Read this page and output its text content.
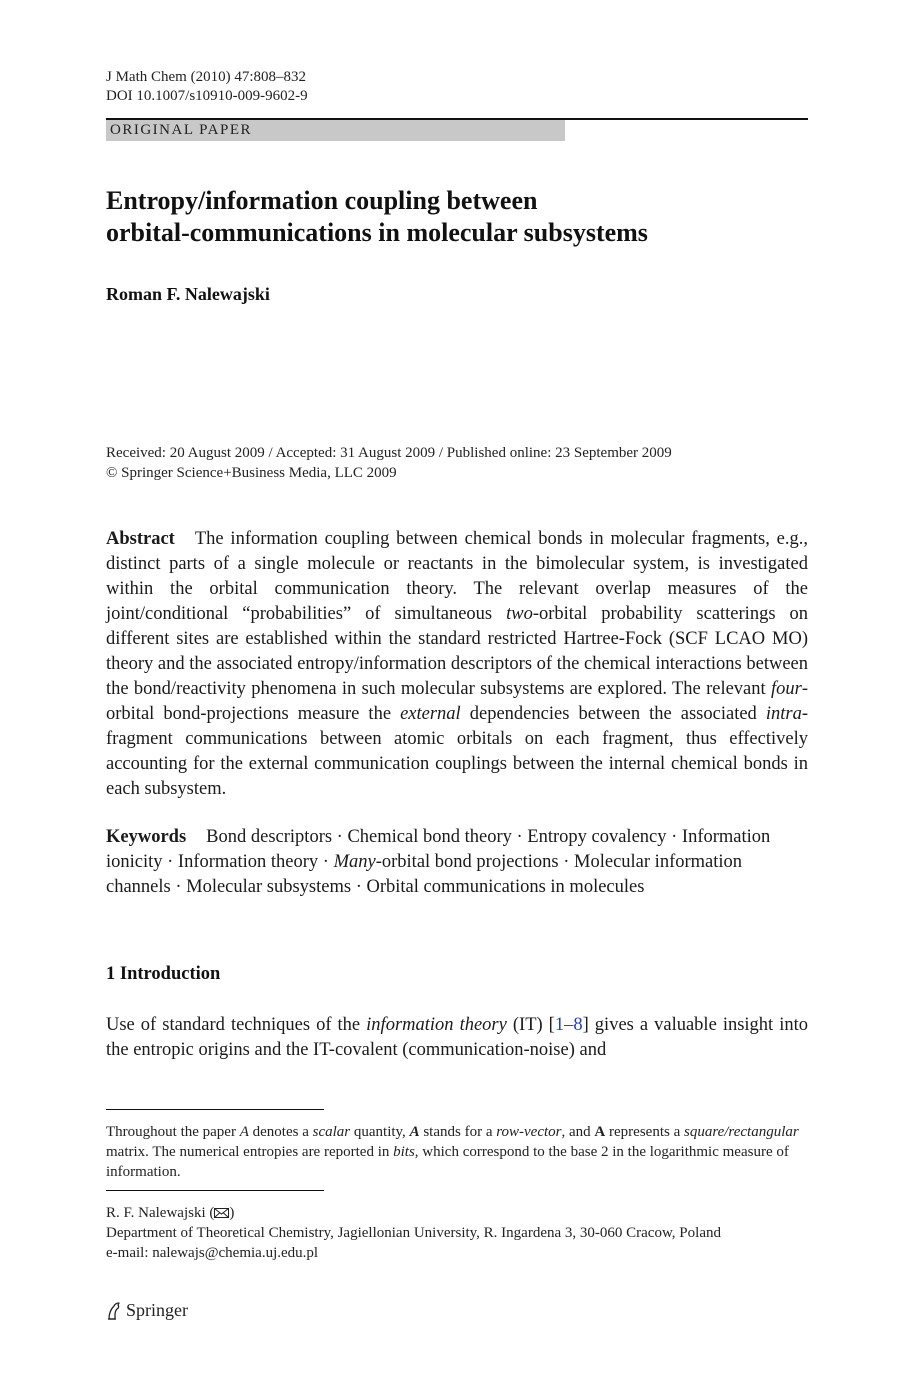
J Math Chem (2010) 47:808–832
DOI 10.1007/s10910-009-9602-9
ORIGINAL PAPER
Entropy/information coupling between
orbital-communications in molecular subsystems
Roman F. Nalewajski
Received: 20 August 2009 / Accepted: 31 August 2009 / Published online: 23 September 2009
© Springer Science+Business Media, LLC 2009
Abstract The information coupling between chemical bonds in molecular fragments, e.g., distinct parts of a single molecule or reactants in the bimolecular system, is investigated within the orbital communication theory. The relevant overlap measures of the joint/conditional “probabilities” of simultaneous two-orbital probability scatterings on different sites are established within the standard restricted Hartree-Fock (SCF LCAO MO) theory and the associated entropy/information descriptors of the chemical interactions between the bond/reactivity phenomena in such molecular subsystems are explored. The relevant four-orbital bond-projections measure the external dependencies between the associated intra-fragment communications between atomic orbitals on each fragment, thus effectively accounting for the external communication couplings between the internal chemical bonds in each subsystem.
Keywords Bond descriptors · Chemical bond theory · Entropy covalency · Information ionicity · Information theory · Many-orbital bond projections · Molecular information channels · Molecular subsystems · Orbital communications in molecules
1 Introduction
Use of standard techniques of the information theory (IT) [1–8] gives a valuable insight into the entropic origins and the IT-covalent (communication-noise) and
Throughout the paper A denotes a scalar quantity, A stands for a row-vector, and A represents a square/rectangular matrix. The numerical entropies are reported in bits, which correspond to the base 2 in the logarithmic measure of information.
R. F. Nalewajski ( )
Department of Theoretical Chemistry, Jagiellonian University, R. Ingardena 3, 30-060 Cracow, Poland
e-mail: nalewajs@chemia.uj.edu.pl
Springer
